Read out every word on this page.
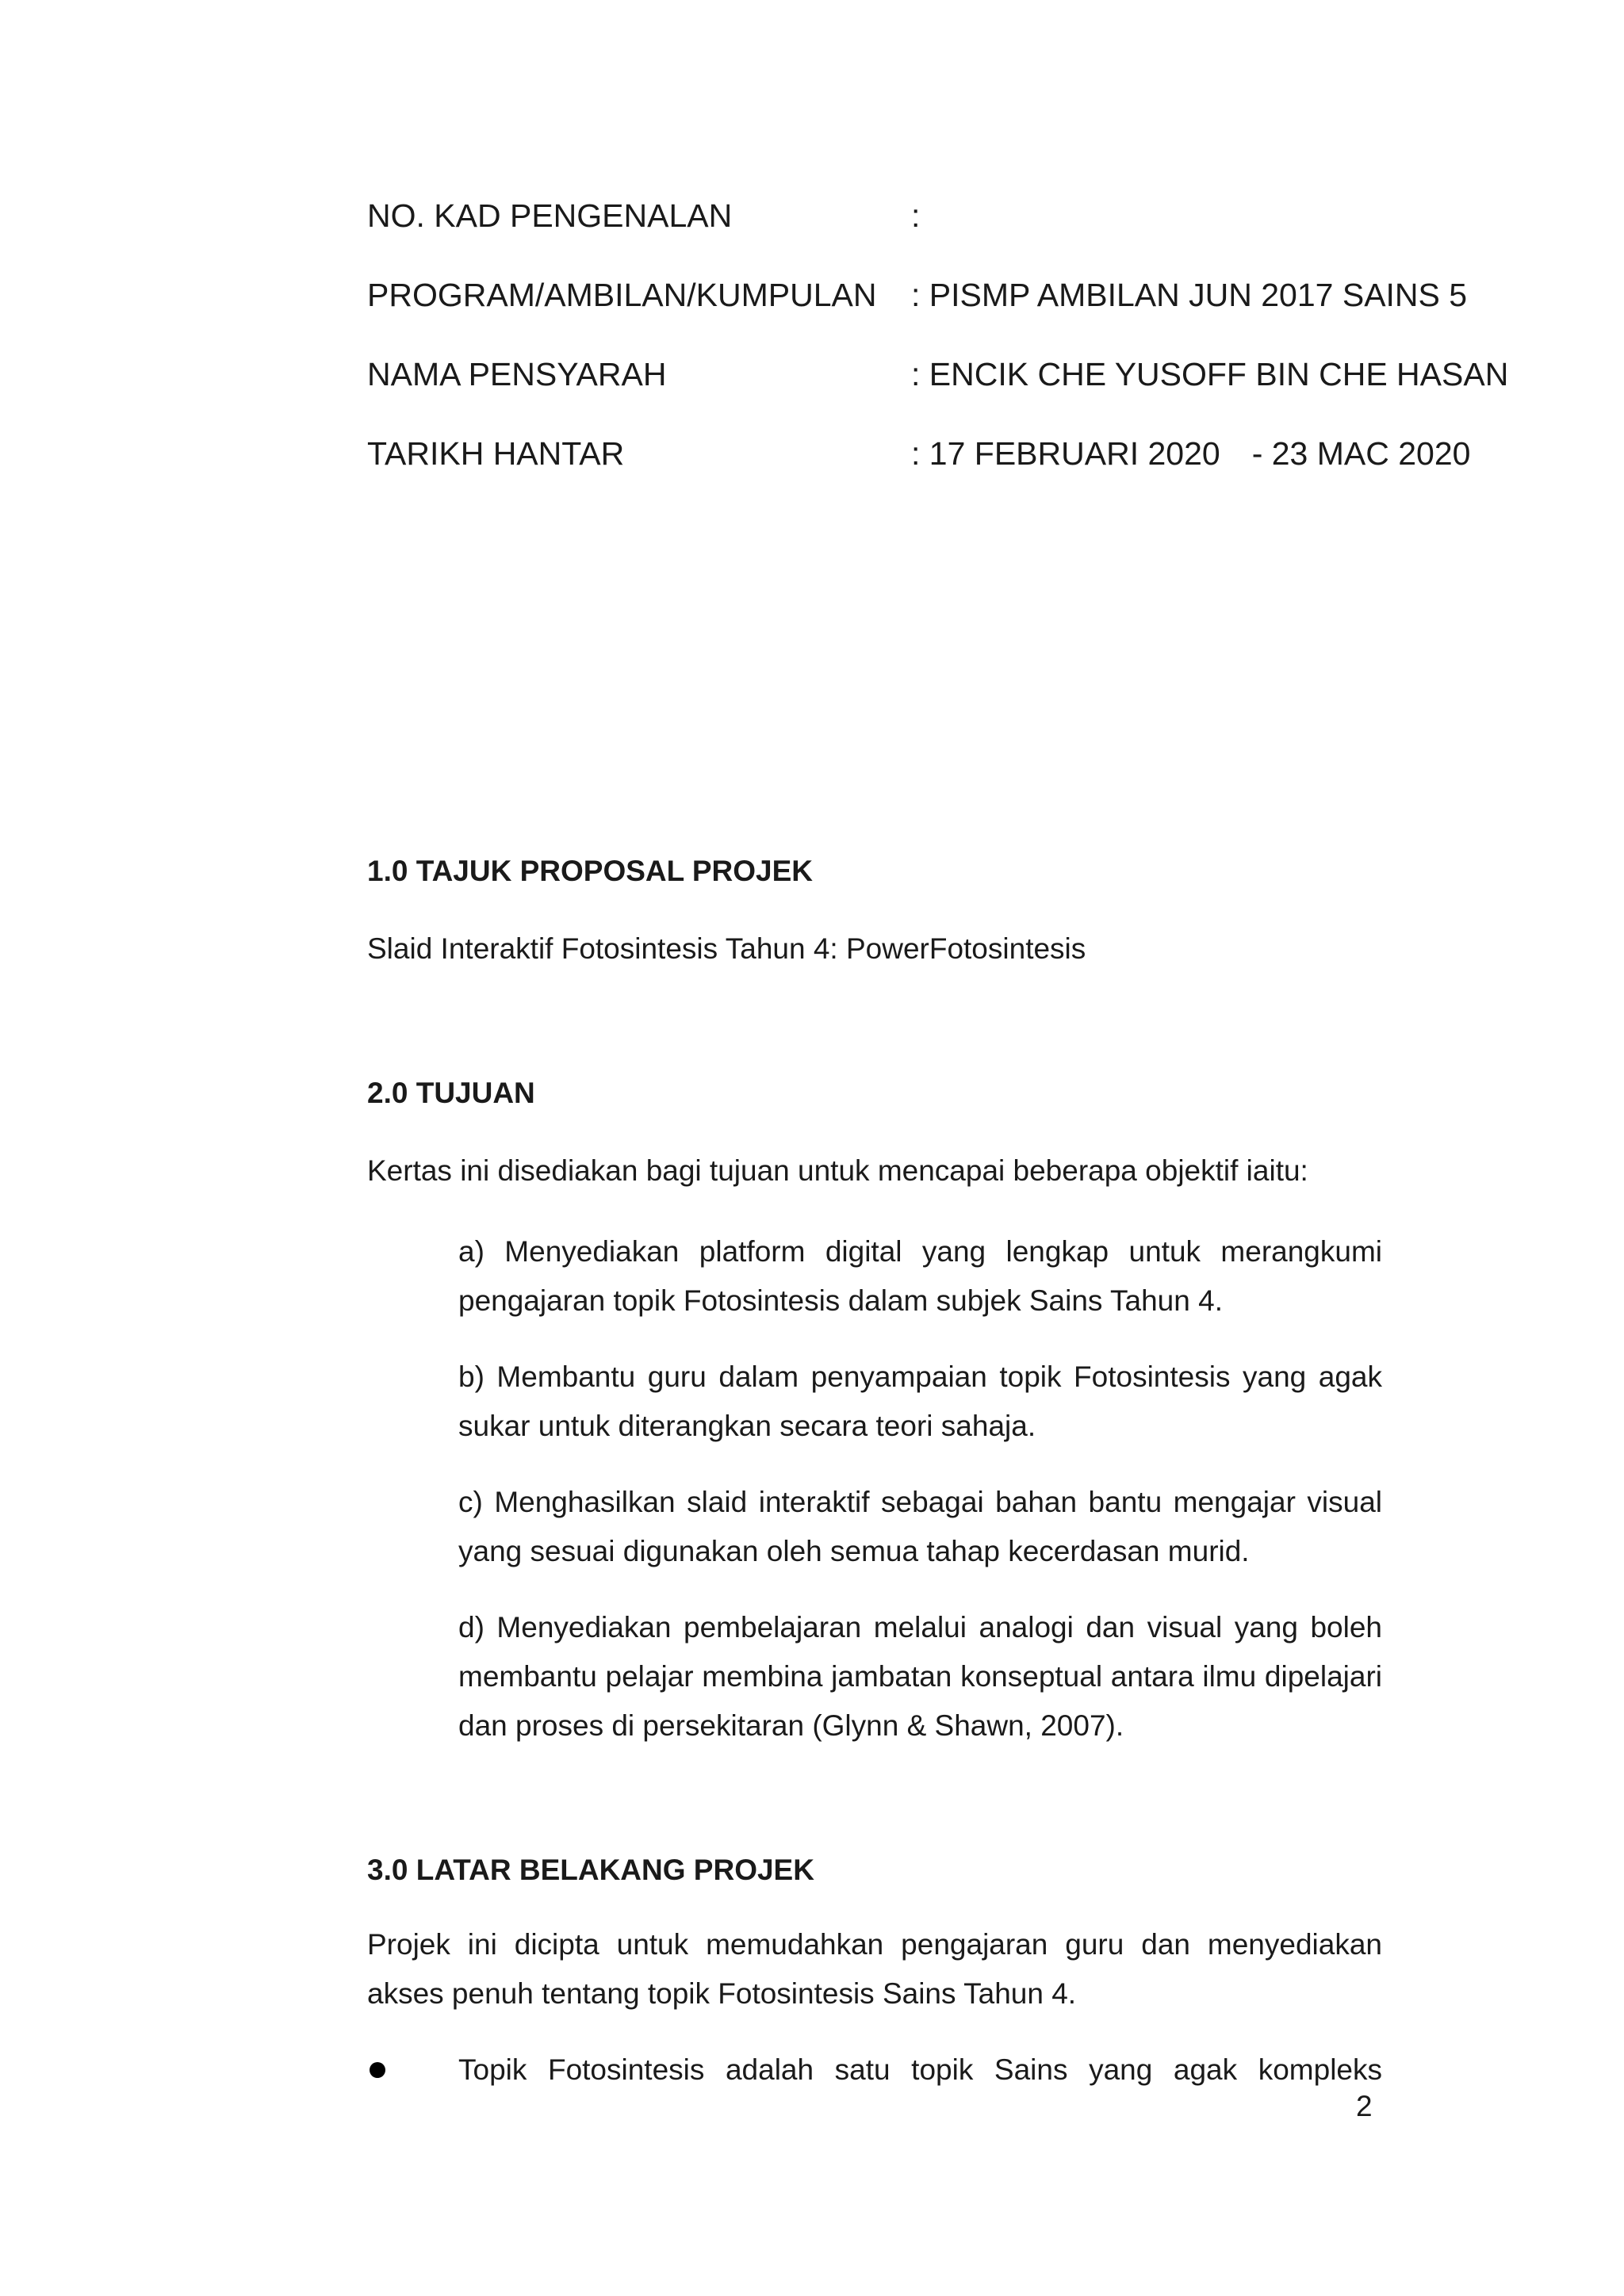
NO. KAD PENGENALAN	:
PROGRAM/AMBILAN/KUMPULAN : PISMP AMBILAN JUN 2017 SAINS 5
NAMA PENSYARAH	: ENCIK CHE YUSOFF BIN CHE HASAN
TARIKH HANTAR	: 17 FEBRUARI 2020 - 23 MAC 2020
1.0 TAJUK PROPOSAL PROJEK
Slaid Interaktif Fotosintesis Tahun 4: PowerFotosintesis
2.0 TUJUAN
Kertas ini disediakan bagi tujuan untuk mencapai beberapa objektif iaitu:
a) Menyediakan platform digital yang lengkap untuk merangkumi pengajaran topik Fotosintesis dalam subjek Sains Tahun 4.
b) Membantu guru dalam penyampaian topik Fotosintesis yang agak sukar untuk diterangkan secara teori sahaja.
c) Menghasilkan slaid interaktif sebagai bahan bantu mengajar visual yang sesuai digunakan oleh semua tahap kecerdasan murid.
d) Menyediakan pembelajaran melalui analogi dan visual yang boleh membantu pelajar membina jambatan konseptual antara ilmu dipelajari dan proses di persekitaran (Glynn & Shawn, 2007).
3.0 LATAR BELAKANG PROJEK
Projek ini dicipta untuk memudahkan pengajaran guru dan menyediakan akses penuh tentang topik Fotosintesis Sains Tahun 4.
Topik Fotosintesis adalah satu topik Sains yang agak kompleks
2
